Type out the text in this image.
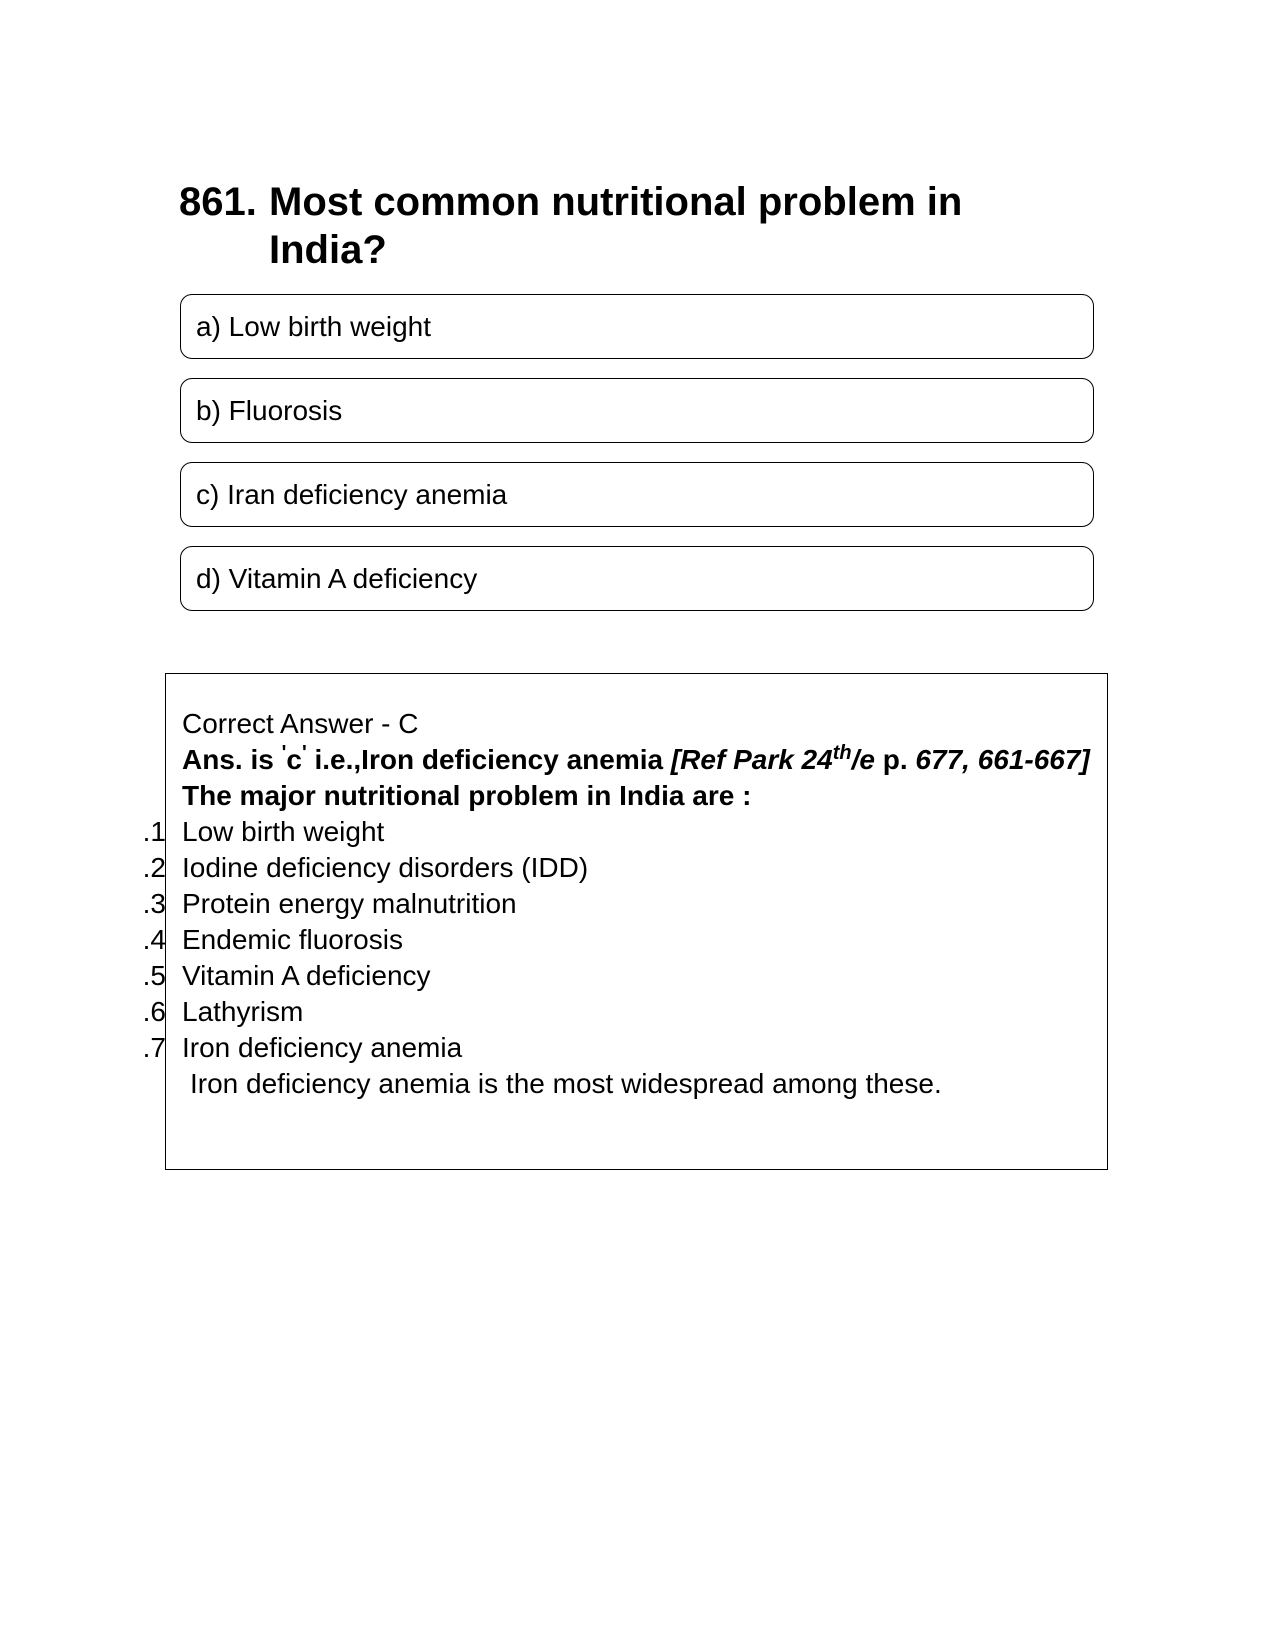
861. Most common nutritional problem in India?
a) Low birth weight
b) Fluorosis
c) Iran deficiency anemia
d) Vitamin A deficiency
Correct Answer - C
Ans. is 'c' i.e.,Iron deficiency anemia [Ref Park 24th/e p. 677, 661-667]
The major nutritional problem in India are :
1. Low birth weight
2. Iodine deficiency disorders (IDD)
3. Protein energy malnutrition
4. Endemic fluorosis
5. Vitamin A deficiency
6. Lathyrism
7. Iron deficiency anemia
Iron deficiency anemia is the most widespread among these.
